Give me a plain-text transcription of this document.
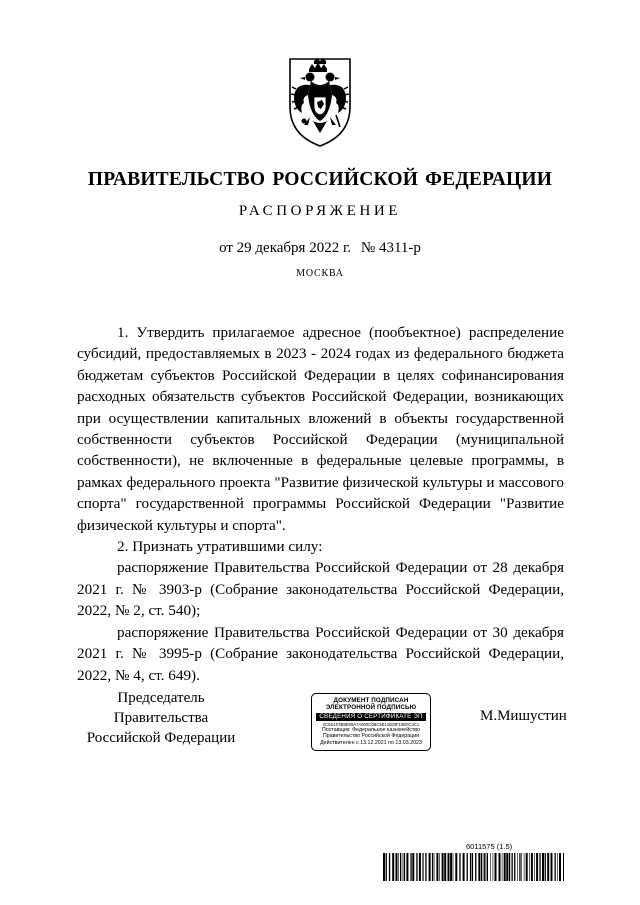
ПРАВИТЕЛЬСТВО РОССИЙСКОЙ ФЕДЕРАЦИИ
РАСПОРЯЖЕНИЕ
от 29 декабря 2022 г. № 4311-р
МОСКВА

1. Утвердить прилагаемое адресное (пообъектное) распределение субсидий, предоставляемых в 2023 - 2024 годах из федерального бюджета бюджетам субъектов Российской Федерации в целях софинансирования расходных обязательств субъектов Российской Федерации, возникающих при осуществлении капитальных вложений в объекты государственной собственности субъектов Российской Федерации (муниципальной собственности), не включенные в федеральные целевые программы, в рамках федерального проекта "Развитие физической культуры и массового спорта" государственной программы Российской Федерации "Развитие физической культуры и спорта".

2. Признать утратившими силу:

распоряжение Правительства Российской Федерации от 28 декабря 2021 г. № 3903-р (Собрание законодательства Российской Федерации, 2022, № 2, ст. 540);

распоряжение Правительства Российской Федерации от 30 декабря 2021 г. № 3995-р (Собрание законодательства Российской Федерации, 2022, № 4, ст. 649).

Председатель Правительства
Российской Федерации
ДОКУМЕНТ ПОДПИСАН
ЭЛЕКТРОННОЙ ПОДПИСЬЮ
СВЕДЕНИЯ О СЕРТИФИКАТЕ ЭП
2C5D1F4B8E09A7A600C0BC5E12003F19E0C3C1
Поставщик: Федеральное казначейство
Правительство Российской Федерации
Действителен с 13.12.2021 по 13.03.2023
М.Мишустин
6011575 (1.5)
